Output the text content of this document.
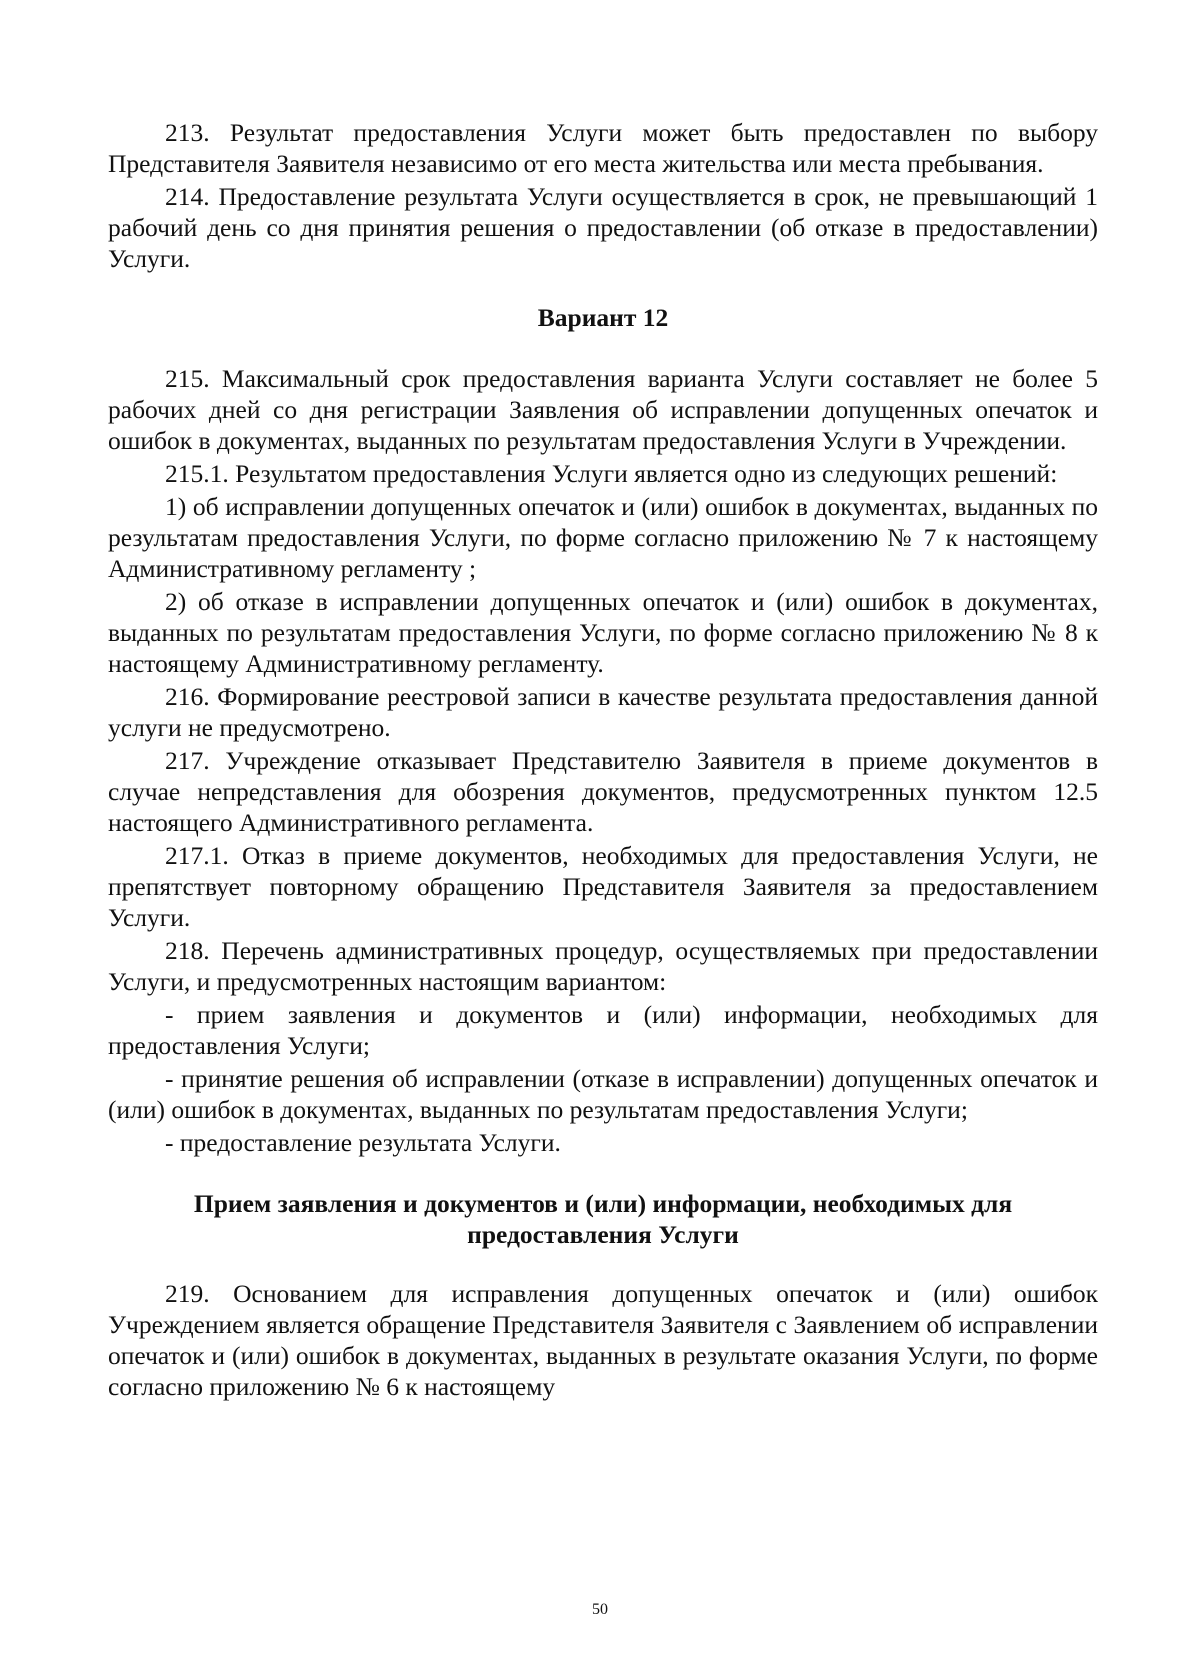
213. Результат предоставления Услуги может быть предоставлен по выбору Представителя Заявителя независимо от его места жительства или места пребывания.

214. Предоставление результата Услуги осуществляется в срок, не превышающий 1 рабочий день со дня принятия решения о предоставлении (об отказе в предоставлении) Услуги.

Вариант 12

215. Максимальный срок предоставления варианта Услуги составляет не более 5 рабочих дней со дня регистрации Заявления об исправлении допущенных опечаток и ошибок в документах, выданных по результатам предоставления Услуги в Учреждении.

215.1. Результатом предоставления Услуги является одно из следующих решений:

1) об исправлении допущенных опечаток и (или) ошибок в документах, выданных по результатам предоставления Услуги, по форме согласно приложению № 7 к настоящему Административному регламенту ;

2) об отказе в исправлении допущенных опечаток и (или) ошибок в документах, выданных по результатам предоставления Услуги, по форме согласно приложению № 8 к настоящему Административному регламенту.

216. Формирование реестровой записи в качестве результата предоставления данной услуги не предусмотрено.

217. Учреждение отказывает Представителю Заявителя в приеме документов в случае непредставления для обозрения документов, предусмотренных пунктом 12.5 настоящего Административного регламента.

217.1. Отказ в приеме документов, необходимых для предоставления Услуги, не препятствует повторному обращению Представителя Заявителя за предоставлением Услуги.

218. Перечень административных процедур, осуществляемых при предоставлении Услуги, и предусмотренных настоящим вариантом:

- прием заявления и документов и (или) информации, необходимых для предоставления Услуги;

- принятие решения об исправлении (отказе в исправлении) допущенных опечаток и (или) ошибок в документах, выданных по результатам предоставления Услуги;

- предоставление результата Услуги.

Прием заявления и документов и (или) информации, необходимых для предоставления Услуги

219. Основанием для исправления допущенных опечаток и (или) ошибок Учреждением является обращение Представителя Заявителя с Заявлением об исправлении опечаток и (или) ошибок в документах, выданных в результате оказания Услуги, по форме согласно приложению № 6 к настоящему

50
